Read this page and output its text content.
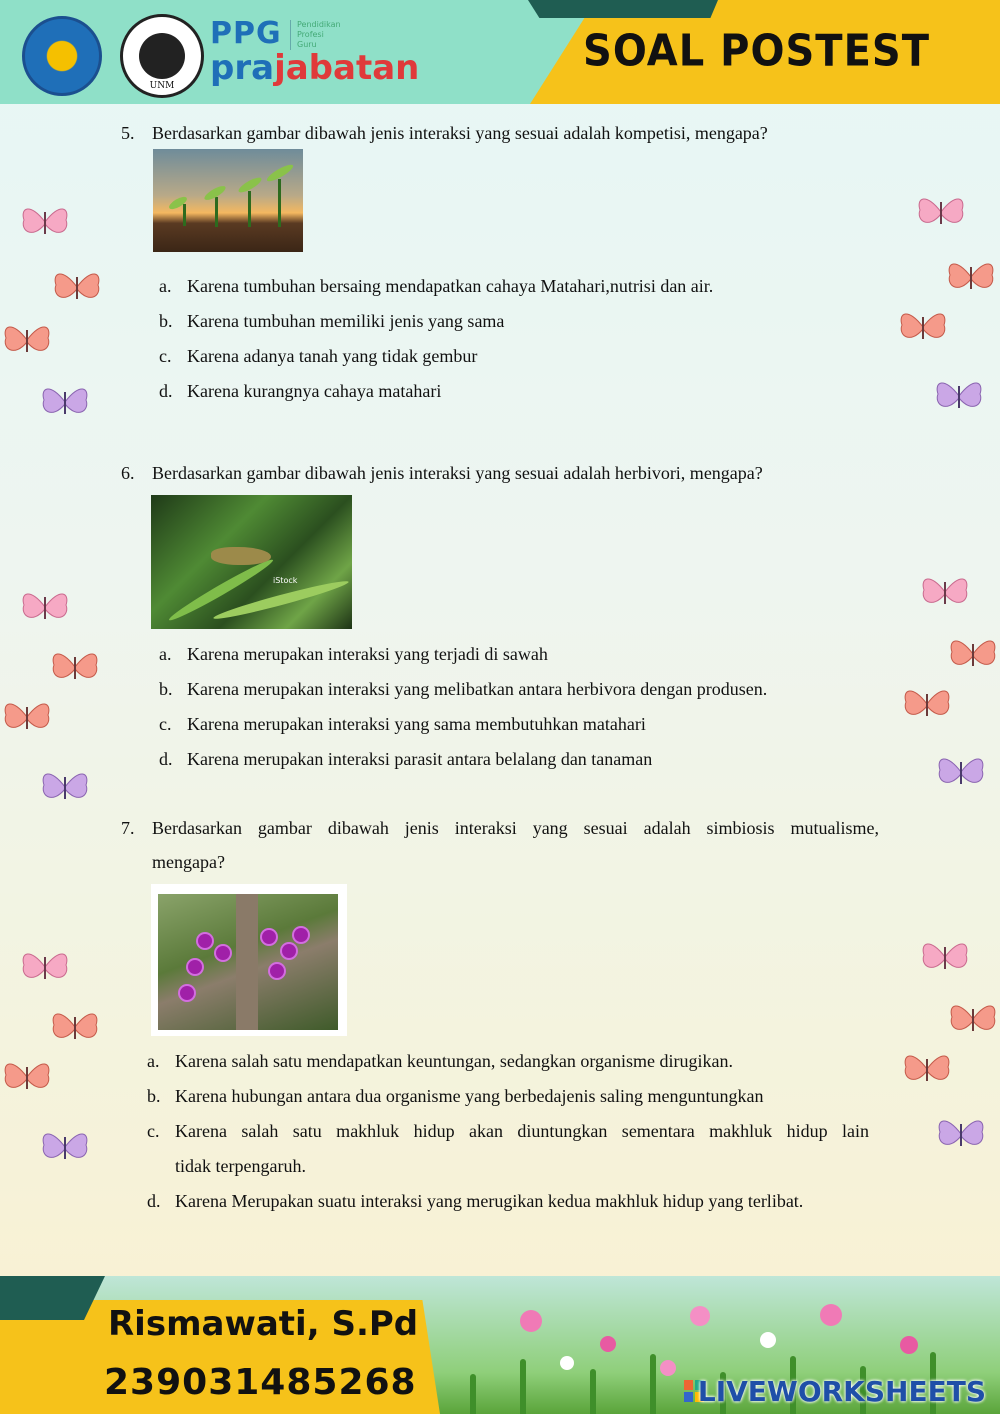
UNM
PPG Pendidikan
Profesi
Guru
prajabatan	SOAL POSTEST
5. Berdasarkan gambar dibawah jenis interaksi yang sesuai adalah kompetisi, mengapa?
a. Karena tumbuhan bersaing mendapatkan cahaya Matahari,nutrisi dan air.
b. Karena tumbuhan memiliki jenis yang sama
c. Karena adanya tanah yang tidak gembur
d. Karena kurangnya cahaya matahari
6. Berdasarkan gambar dibawah jenis interaksi yang sesuai adalah herbivori, mengapa?
iStock
a. Karena merupakan interaksi yang terjadi di sawah
b. Karena merupakan interaksi yang melibatkan antara herbivora dengan produsen.
c. Karena merupakan interaksi yang sama membutuhkan matahari
d. Karena merupakan interaksi parasit antara belalang dan tanaman
7. Berdasarkan gambar dibawah jenis interaksi yang sesuai adalah simbiosis mutualisme,
mengapa?
a. Karena salah satu mendapatkan keuntungan, sedangkan organisme dirugikan.
b. Karena hubungan antara dua organisme yang berbedajenis saling menguntungkan
c. Karena salah satu makhluk hidup akan diuntungkan sementara makhluk hidup lain
tidak terpengaruh.
d. Karena Merupakan suatu interaksi yang merugikan kedua makhluk hidup yang terlibat.
Rismawati, S.Pd
239031485268	LIVEWORKSHEETS
